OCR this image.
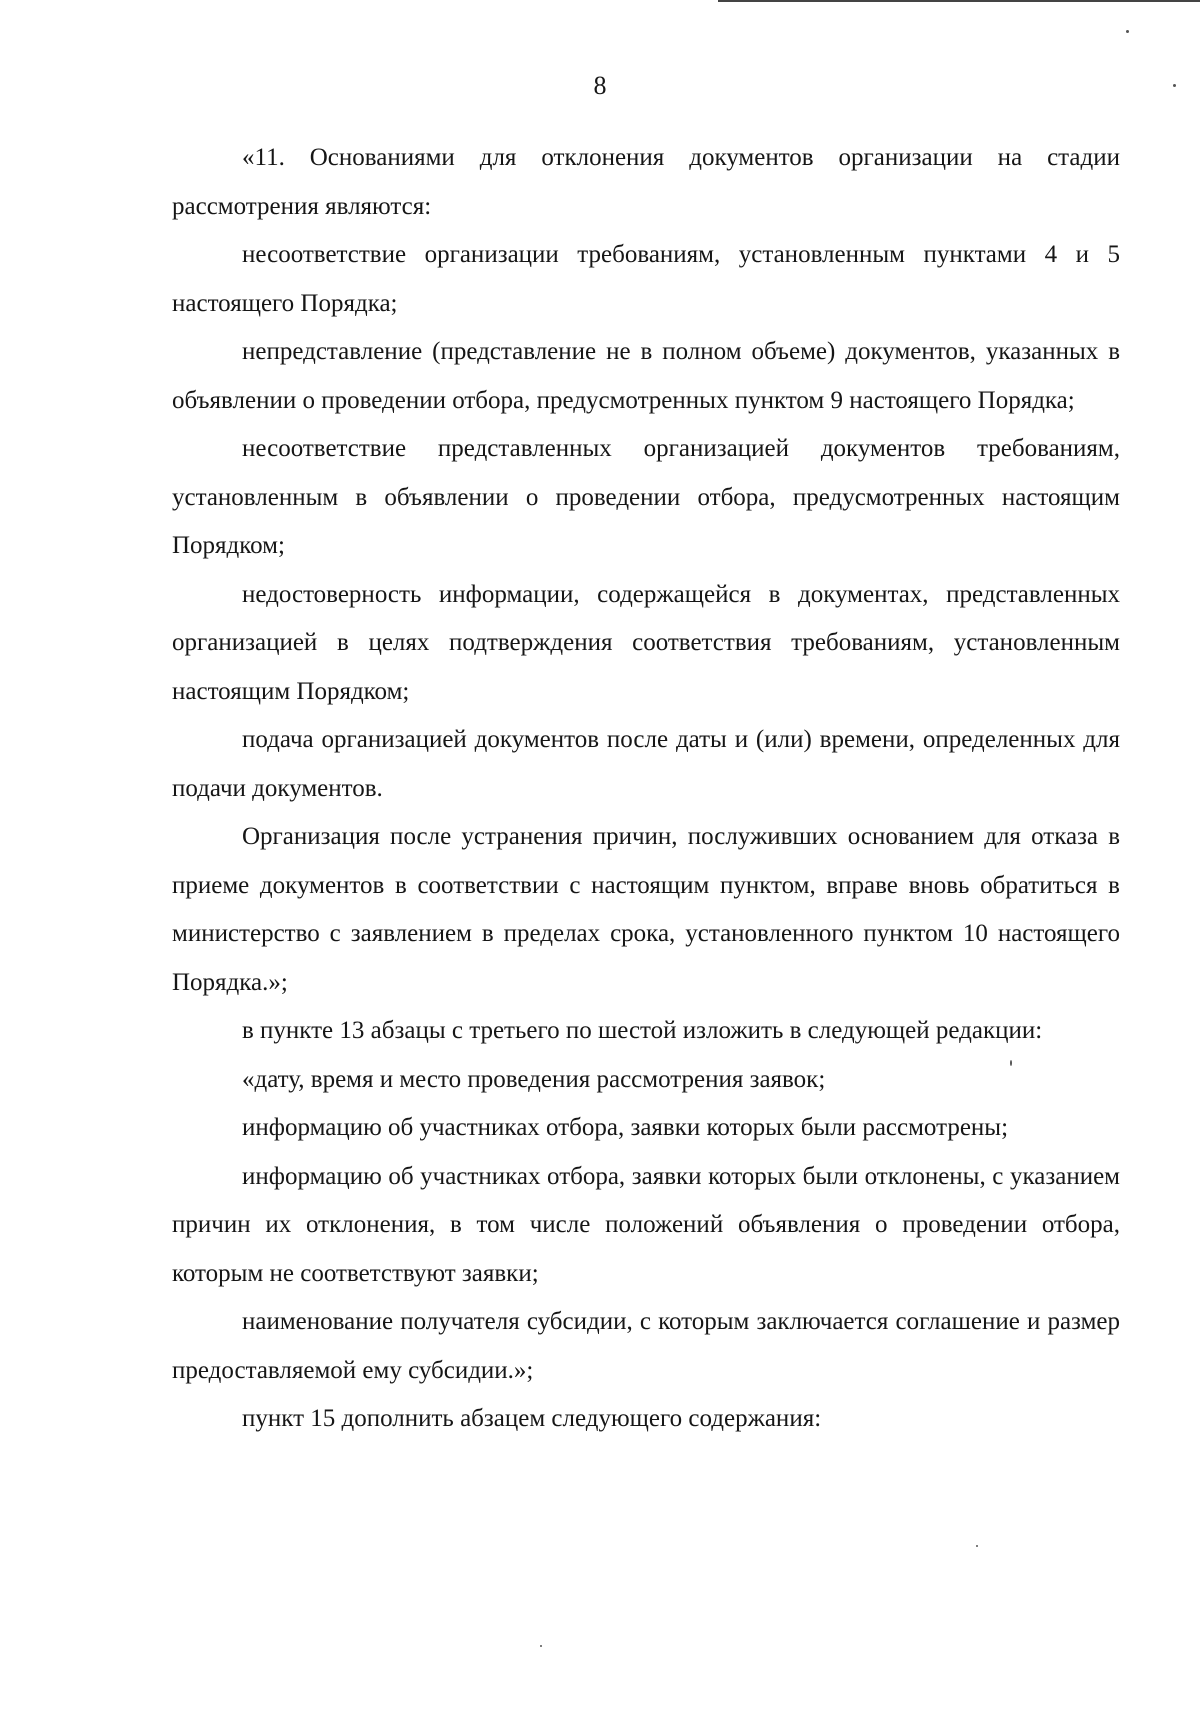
8

«11. Основаниями для отклонения документов организации на стадии рассмотрения являются:

несоответствие организации требованиям, установленным пунктами 4 и 5 настоящего Порядка;

непредставление (представление не в полном объеме) документов, указанных в объявлении о проведении отбора, предусмотренных пунктом 9 настоящего Порядка;

несоответствие представленных организацией документов требованиям, установленным в объявлении о проведении отбора, предусмотренных настоящим Порядком;

недостоверность информации, содержащейся в документах, представленных организацией в целях подтверждения соответствия требованиям, установленным настоящим Порядком;

подача организацией документов после даты и (или) времени, определенных для подачи документов.

Организация после устранения причин, послуживших основанием для отказа в приеме документов в соответствии с настоящим пунктом, вправе вновь обратиться в министерство с заявлением в пределах срока, установленного пунктом 10 настоящего Порядка.»;

в пункте 13 абзацы с третьего по шестой изложить в следующей редакции:

«дату, время и место проведения рассмотрения заявок;

информацию об участниках отбора, заявки которых были рассмотрены;

информацию об участниках отбора, заявки которых были отклонены, с указанием причин их отклонения, в том числе положений объявления о проведении отбора, которым не соответствуют заявки;

наименование получателя субсидии, с которым заключается соглашение и размер предоставляемой ему субсидии.»;

пункт 15 дополнить абзацем следующего содержания:
